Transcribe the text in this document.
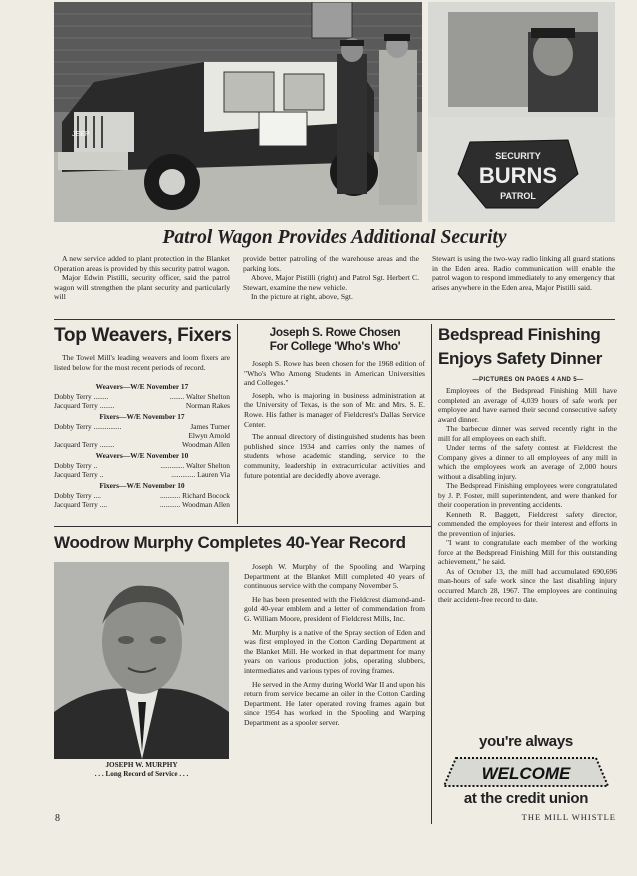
JEEP
SECURITY
BURNS
PATROL
Patrol Wagon Provides Additional Security

A new service added to plant protection in the Blanket Operation areas is provided by this security patrol wagon.

Major Edwin Pistilli, security officer, said the patrol wagon will strengthen the plant security and particularly will

provide better patroling of the warehouse areas and the parking lots.

Above, Major Pistilli (right) and Patrol Sgt. Herbert C. Stewart, examine the new vehicle.

In the picture at right, above, Sgt.

Stewart is using the two-way radio linking all guard stations in the Eden area. Radio communication will enable the patrol wagon to respond immediately to any emergency that arises anywhere in the Eden area, Major Pistilli said.

Top Weavers, Fixers
The Towel Mill's leading weavers and loom fixers are listed below for the most recent periods of record.
Weavers—W/E November 17
Dobby Terry ........	........ Walter Shelton
Jacquard Terry ........	Norman Rakes
Fixers—W/E November 17
Dobby Terry ...............	James Turner
Elwyn Arnold
Jacquard Terry ........	Woodman Allen
Weavers—W/E November 10
Dobby Terry ..	............. Walter Shelton
Jacquard Terry ..	............. Lauren Via
Fixers—W/E November 10
Dobby Terry ....	........... Richard Bocock
Jacquard Terry ....	........... Woodman Allen
Joseph S. Rowe Chosen
For College 'Who's Who'

Joseph S. Rowe has been chosen for the 1968 edition of "Who's Who Among Students in American Universities and Colleges."

Joseph, who is majoring in business administration at the University of Texas, is the son of Mr. and Mrs. S. E. Rowe. His father is manager of Fieldcrest's Dallas Service Center.

The annual directory of distinguished students has been published since 1934 and carries only the names of students whose academic standing, service to the community, leadership in extracurricular activities and future potential are decidedly above average.

Bedspread Finishing
Enjoys Safety Dinner
—PICTURES ON PAGES 4 AND 5—

Employees of the Bedspread Finishing Mill have completed an average of 4,039 hours of safe work per employee and have earned their second consecutive safety award dinner.

The barbecue dinner was served recently right in the mill for all employees on each shift.

Under terms of the safety contest at Fieldcrest the Company gives a dinner to all employees of any mill in which the employees work an average of 2,000 hours without a disabling injury.

The Bedspread Finishing employees were congratulated by J. P. Foster, mill superintendent, and were thanked for their cooperation in preventing accidents.

Kenneth R. Baggett, Fieldcrest safety director, commended the employees for their interest and efforts in the prevention of injuries.

"I want to congratulate each member of the working force at the Bedspread Finishing Mill for this outstanding achievement," he said.

As of October 13, the mill had accumulated 690,696 man-hours of safe work since the last disabling injury occurred March 28, 1967. The employees are continuing their accident-free record to date.

Woodrow Murphy Completes 40-Year Record
JOSEPH W. MURPHY
. . . Long Record of Service . . .

Joseph W. Murphy of the Spooling and Warping Department at the Blanket Mill completed 40 years of continuous service with the company November 5.

He has been presented with the Fieldcrest diamond-and-gold 40-year emblem and a letter of commendation from G. William Moore, president of Fieldcrest Mills, Inc.

Mr. Murphy is a native of the Spray section of Eden and was first employed in the Cotton Carding Department at the Blanket Mill. He worked in that department for many years on various production jobs, operating slubbers, intermediates and various types of roving frames.

He served in the Army during World War II and upon his return from service became an oiler in the Cotton Carding Department. He later operated roving frames again but since 1954 has worked in the Spooling and Warping Department as a spooler server.

you're always
WELCOME
at the credit union
8	THE MILL WHISTLE
